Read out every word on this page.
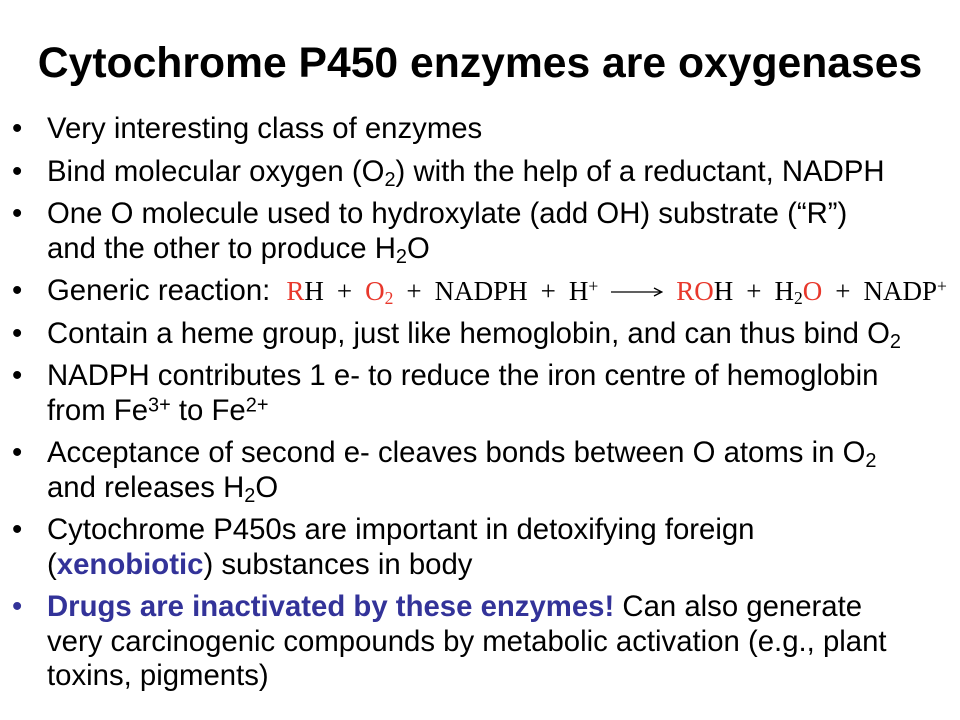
Cytochrome P450 enzymes are oxygenases
• Very interesting class of enzymes
• Bind molecular oxygen $(O_2)$ with the help of a reductant, NADPH
• One O molecule used to hydroxylate (add OH) substrate (“R”)
and the other to produce $H_2O$
• Generic reaction: RH + O2 + NADPH + H+ → ROH + H2O + NADP+
• Contain a heme group, just like hemoglobin, and can thus bind $O_2$
• NADPH contributes 1 e- to reduce the iron centre of hemoglobin
from $Fe^{3+}$ to $Fe^{2+}$
• Acceptance of second e- cleaves bonds between O atoms in $O_2$
and releases $H_2O$
• Cytochrome P450s are important in detoxifying foreign
(xenobiotic) substances in body
• Drugs are inactivated by these enzymes! Can also generate
very carcinogenic compounds by metabolic activation (e.g., plant
toxins, pigments)
